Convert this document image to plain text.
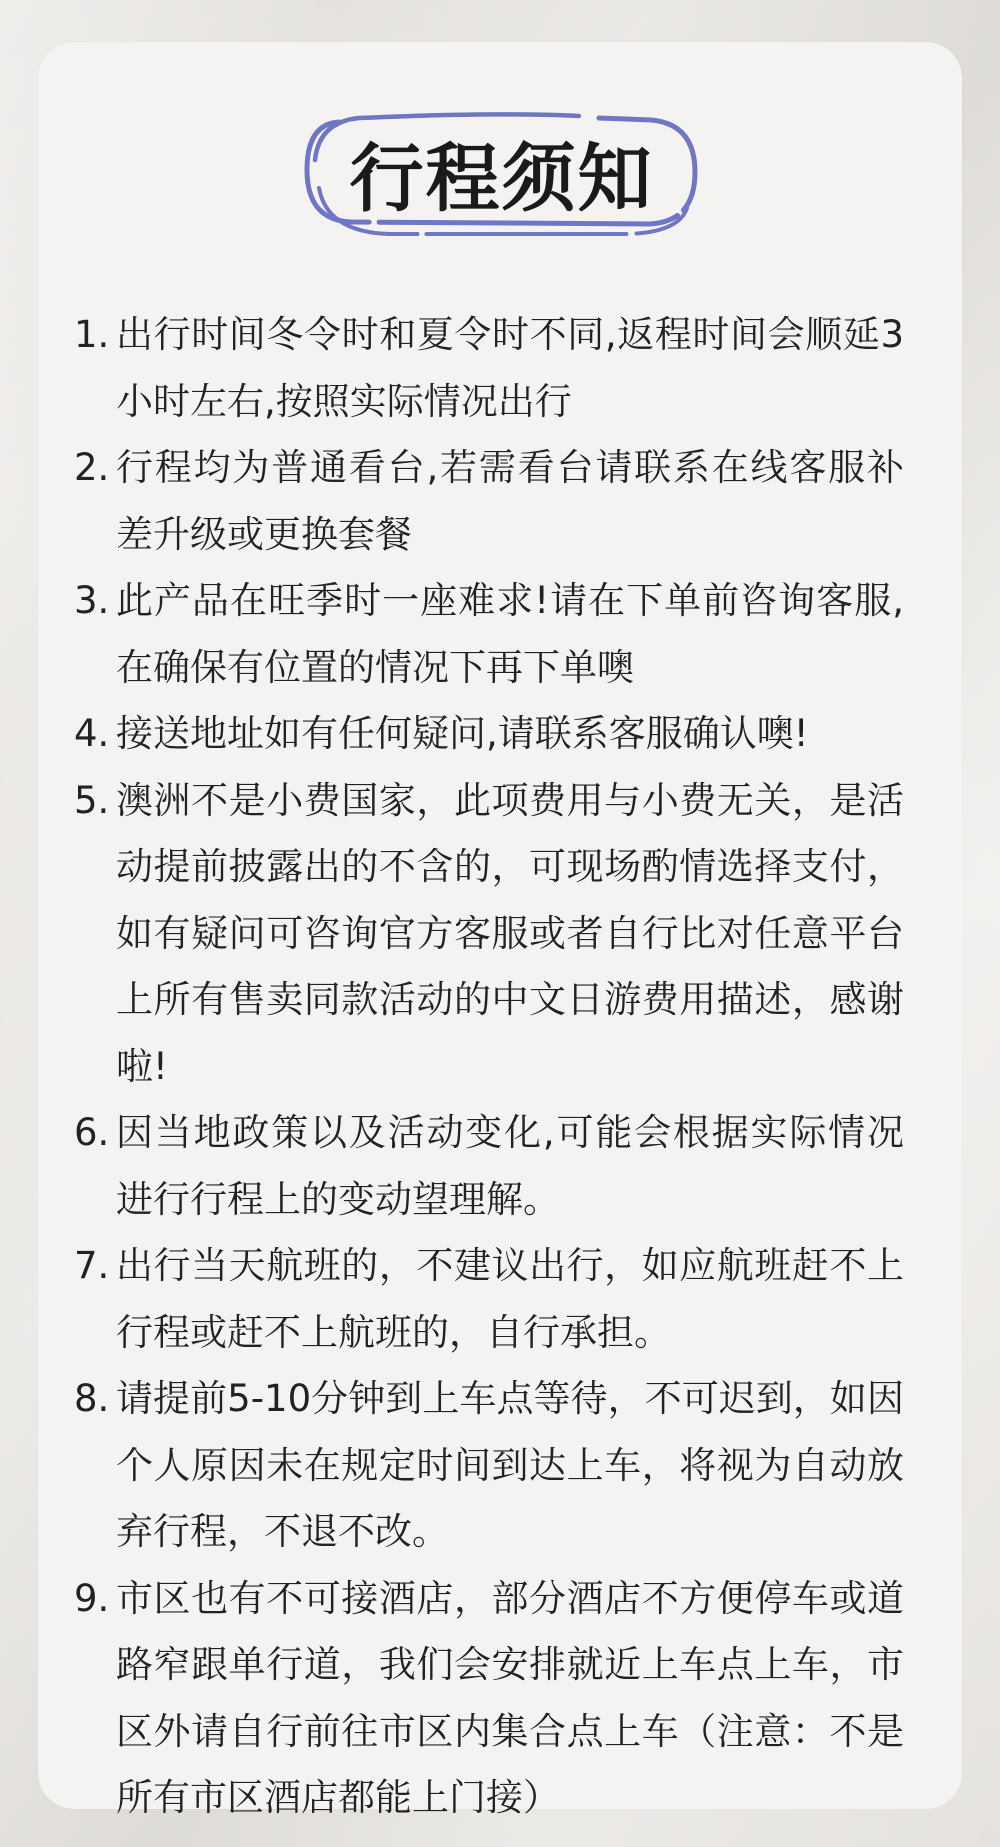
行程须知
1. 出行时间冬令时和夏令时不同,返程时间会顺延3小时左右,按照实际情况出行
2. 行程均为普通看台,若需看台请联系在线客服补差升级或更换套餐
3. 此产品在旺季时一座难求!请在下单前咨询客服,在确保有位置的情况下再下单噢
4. 接送地址如有任何疑问,请联系客服确认噢!
5. 澳洲不是小费国家，此项费用与小费无关，是活动提前披露出的不含的，可现场酌情选择支付，如有疑问可咨询官方客服或者自行比对任意平台上所有售卖同款活动的中文日游费用描述，感谢啦!
6. 因当地政策以及活动变化,可能会根据实际情况进行行程上的变动望理解。
7. 出行当天航班的，不建议出行，如应航班赶不上行程或赶不上航班的，自行承担。
8. 请提前5-10分钟到上车点等待，不可迟到，如因个人原因未在规定时间到达上车，将视为自动放弃行程，不退不改。
9. 市区也有不可接酒店，部分酒店不方便停车或道路窄跟单行道，我们会安排就近上车点上车，市区外请自行前往市区内集合点上车（注意：不是所有市区酒店都能上门接）
